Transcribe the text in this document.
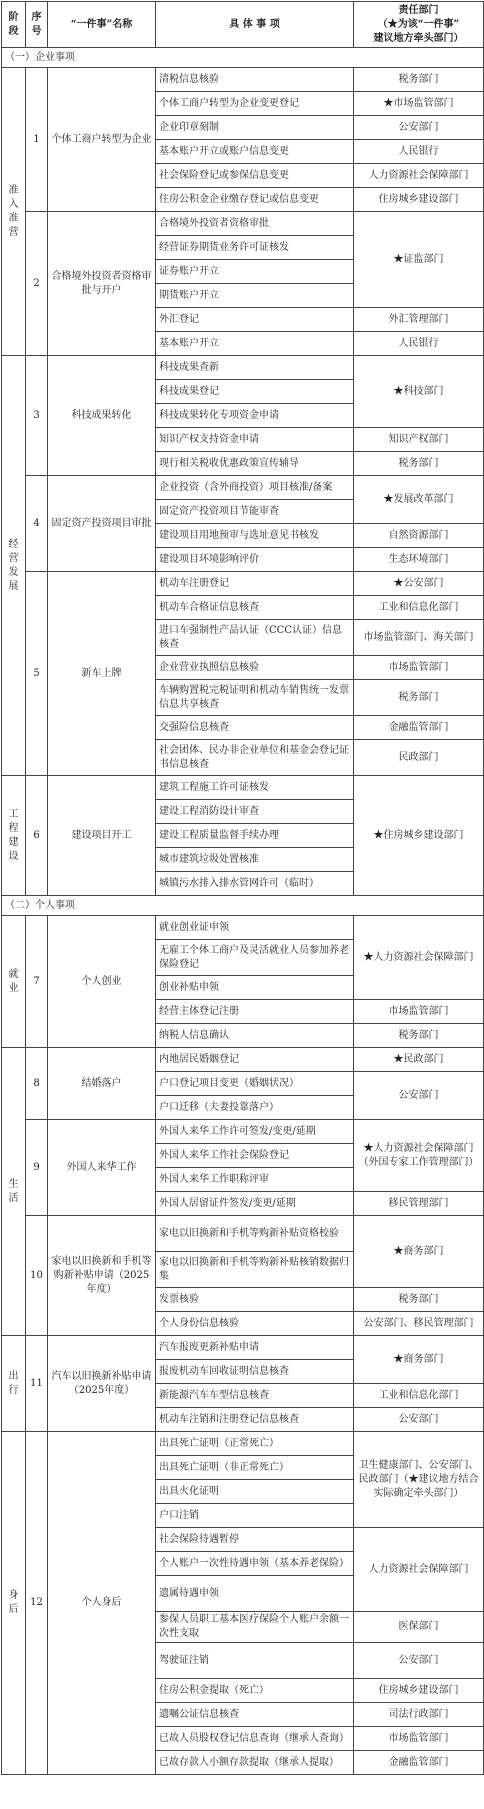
阶段	序号	“一件事”名称	具 体 事 项	责任部门
（★为该“一件事”
建议地方牵头部门）

（一）企业事项				

准
入
准
营	1	个体工商户转型为企业	清税信息核验	税务部门
			个体工商户转型为企业变更登记	★市场监管部门
			企业印章刻制	公安部门
			基本账户开立或账户信息变更	人民银行
			社会保险登记或参保信息变更	人力资源社会保障部门
			住房公积金企业缴存登记或信息变更	住房城乡建设部门
	2	合格境外投资者资格审批与开户	合格境外投资者资格审批	★证监部门
			经营证券期货业务许可证核发	
			证券账户开立	
			期货账户开立	
			外汇登记	外汇管理部门
			基本账户开立	人民银行

经
营
发
展	3	科技成果转化	科技成果查新	★科技部门
			科技成果登记	
			科技成果转化专项资金申请	
			知识产权支持资金申请	知识产权部门
			现行相关税收优惠政策宣传辅导	税务部门
	4	固定资产投资项目审批	企业投资（含外商投资）项目核准/备案	★发展改革部门
			固定资产投资项目节能审查	
			建设项目用地预审与选址意见书核发	自然资源部门
			建设项目环境影响评价	生态环境部门
	5	新车上牌	机动车注册登记	★公安部门
			机动车合格证信息核查	工业和信息化部门
			进口车强制性产品认证（CCC认证）信息核查	市场监管部门、海关部门
			企业营业执照信息核验	市场监管部门
			车辆购置税完税证明和机动车销售统一发票信息共享核查	税务部门
			交强险信息核查	金融监管部门
			社会团体、民办非企业单位和基金会登记证书信息核查	民政部门

工
程
建
设	6	建设项目开工	建筑工程施工许可证核发	★住房城乡建设部门
			建设工程消防设计审查	
			建设工程质量监督手续办理	
			城市建筑垃圾处置核准	
			城镇污水排入排水管网许可（临时）	
（二）个人事项				

就
业	7	个人创业	就业创业证申领	★人力资源社会保障部门
			无雇工个体工商户及灵活就业人员参加养老保险登记	
			创业补贴申领	
			经营主体登记注册	市场监管部门
			纳税人信息确认	税务部门

生
活	8	结婚落户	内地居民婚姻登记	★民政部门
			户口登记项目变更（婚姻状况）	公安部门
			户口迁移（夫妻投靠落户）	
	9	外国人来华工作	外国人来华工作许可签发/变更/延期	★人力资源社会保障部门（外国专家工作管理部门）
			外国人来华工作社会保险登记	
			外国人来华工作职称评审	
			外国人居留证件签发/变更/延期	移民管理部门
	10	家电以旧换新和手机等购新补贴申请（2025年度）	家电以旧换新和手机等购新补贴资格校验	★商务部门
			家电以旧换新和手机等购新补贴核销数据归集	
			发票核验	税务部门
			个人身份信息核验	公安部门、移民管理部门

出
行	11	汽车以旧换新补贴申请（2025年度）	汽车报废更新补贴申请	★商务部门
			报废机动车回收证明信息核查	
			新能源汽车车型信息核查	工业和信息化部门
			机动车注销和注册登记信息核查	公安部门

身
后	12	个人身后	出具死亡证明（正常死亡）	卫生健康部门、公安部门、民政部门（★建议地方结合实际确定牵头部门）
			出具死亡证明（非正常死亡）	
			出具火化证明	
			户口注销	
			社会保险待遇暂停	人力资源社会保障部门
			个人账户一次性待遇申领（基本养老保险）	
			遗属待遇申领	
			参保人员职工基本医疗保险个人账户余额一次性支取	医保部门
			驾驶证注销	公安部门
			住房公积金提取（死亡）	住房城乡建设部门
			遗嘱公证信息核查	司法行政部门
			已故人员股权登记信息查询（继承人查询）	市场监管部门
			已故存款人小额存款提取（继承人提取）	金融监管部门
